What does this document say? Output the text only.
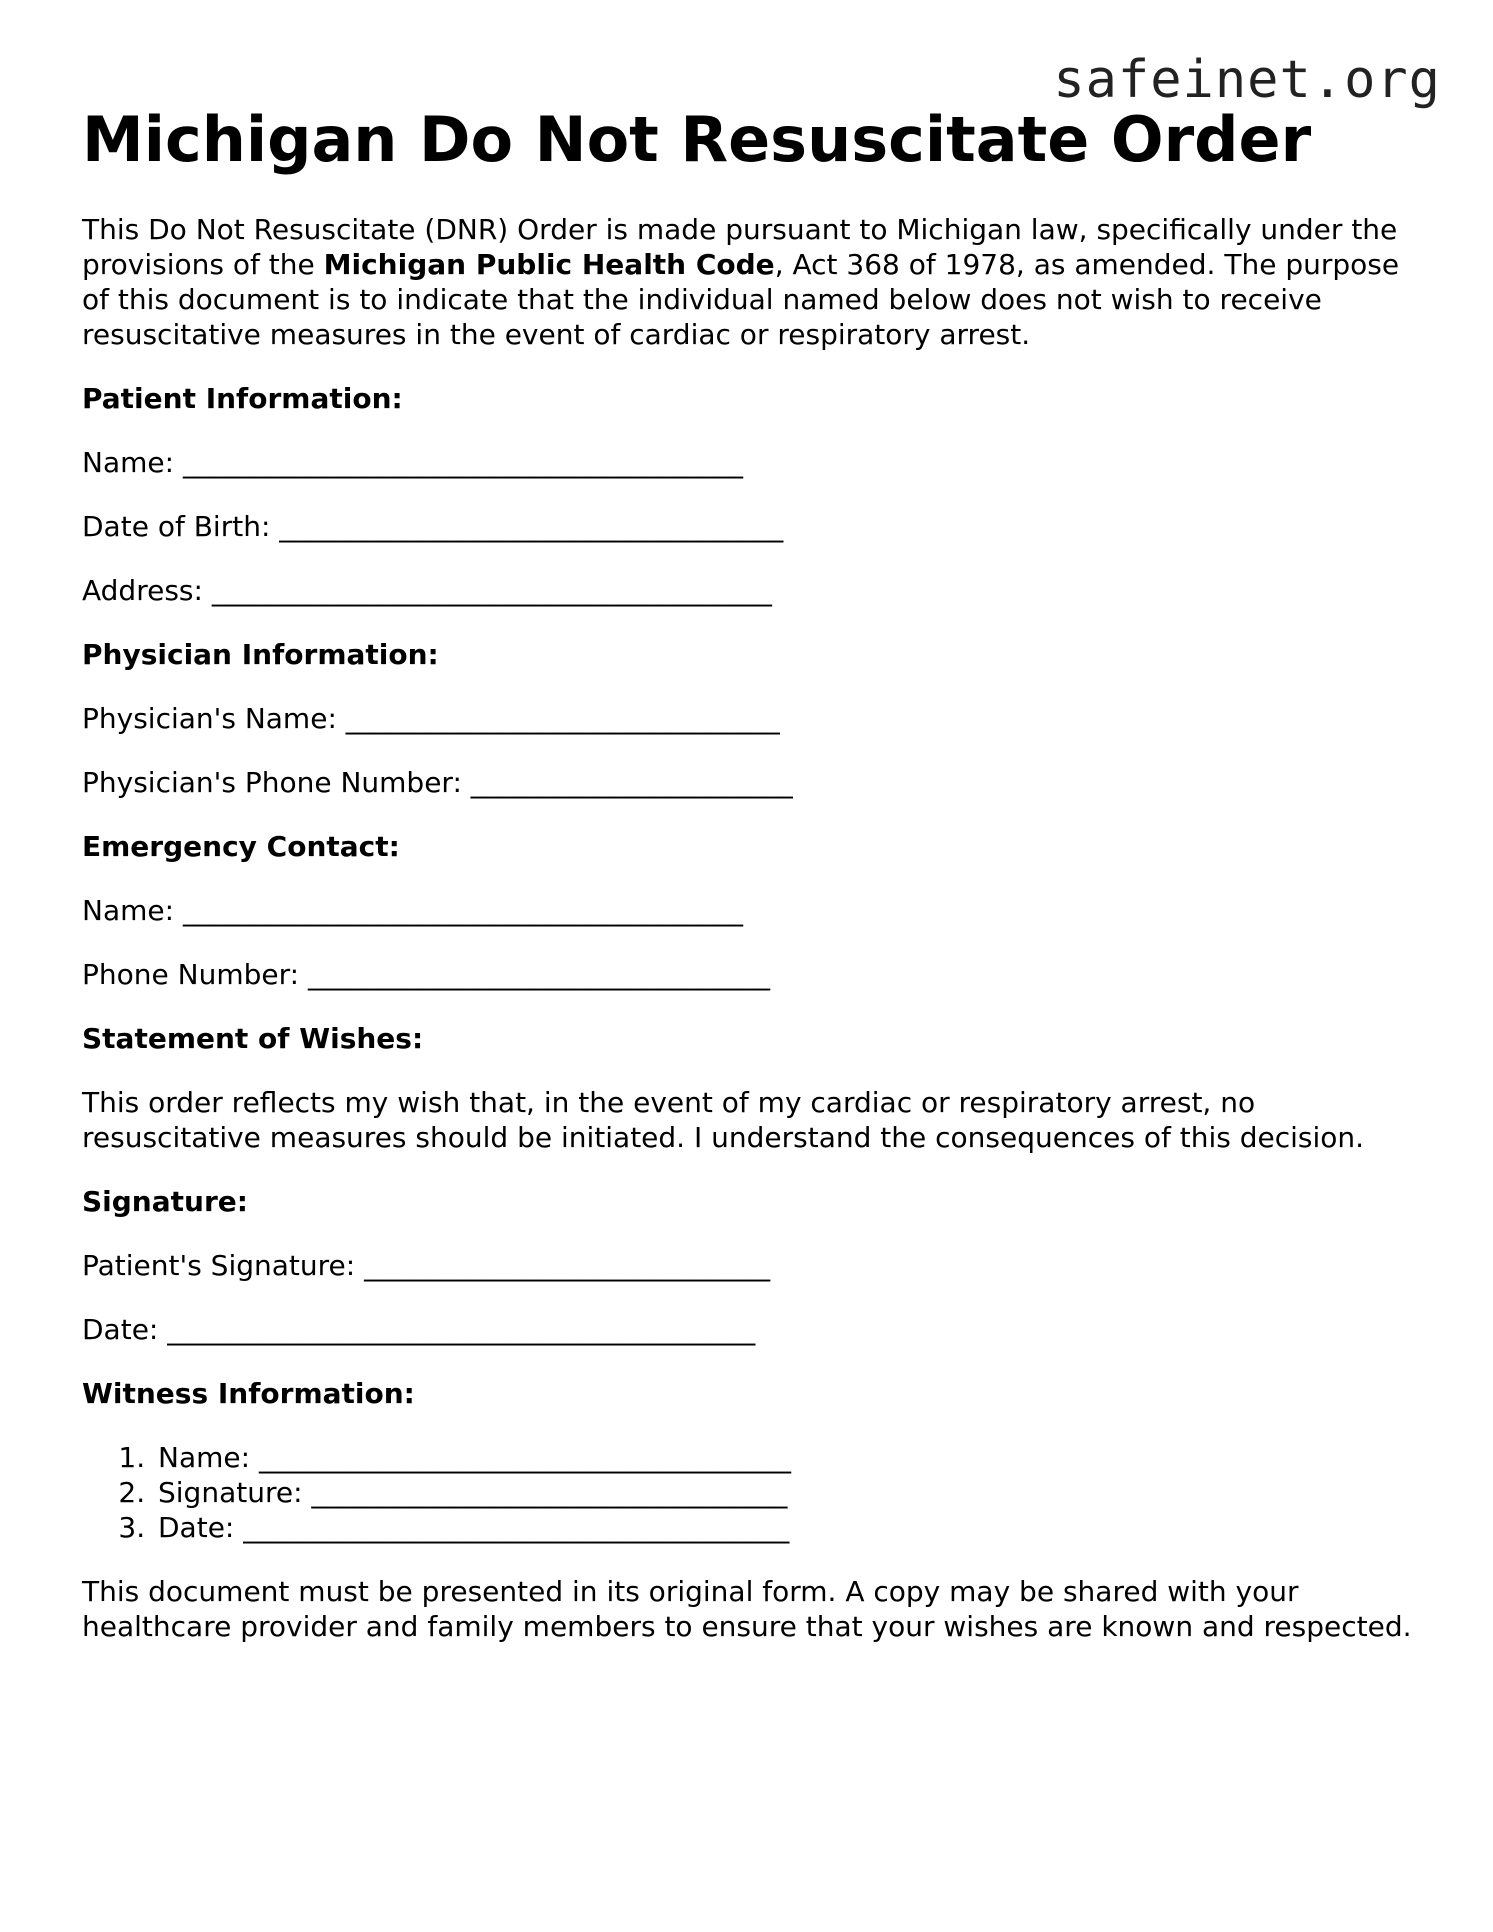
safeinet.org
Michigan Do Not Resuscitate Order
This Do Not Resuscitate (DNR) Order is made pursuant to Michigan law, specifically under the provisions of the Michigan Public Health Code, Act 368 of 1978, as amended. The purpose of this document is to indicate that the individual named below does not wish to receive resuscitative measures in the event of cardiac or respiratory arrest.
Patient Information:
Name: ________________________________________
Date of Birth: ____________________________________
Address: ________________________________________
Physician Information:
Physician's Name: _______________________________
Physician's Phone Number: _______________________
Emergency Contact:
Name: ________________________________________
Phone Number: _________________________________
Statement of Wishes:
This order reflects my wish that, in the event of my cardiac or respiratory arrest, no resuscitative measures should be initiated. I understand the consequences of this decision.
Signature:
Patient's Signature: _____________________________
Date: __________________________________________
Witness Information:
1. Name: ______________________________________
2. Signature: __________________________________
3. Date: _______________________________________
This document must be presented in its original form. A copy may be shared with your healthcare provider and family members to ensure that your wishes are known and respected.
